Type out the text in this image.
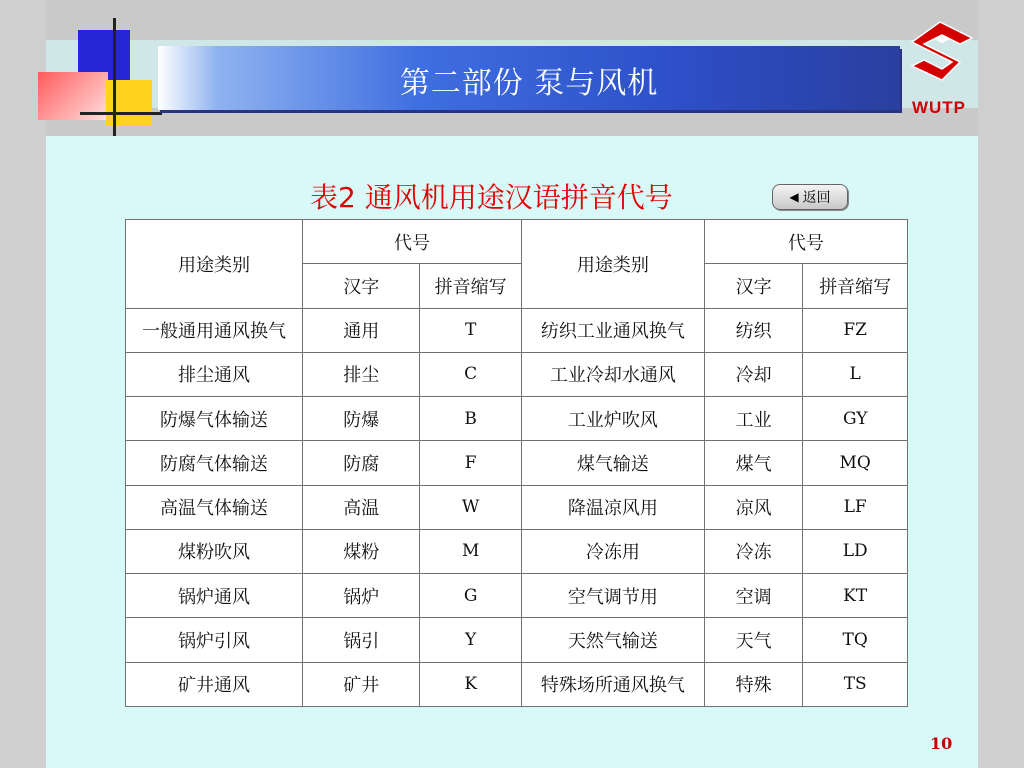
第二部份 泵与风机
WUTP
表2 通风机用途汉语拼音代号	◀ 返回
用途类别	代号		用途类别	代号	
	汉字	拼音缩写		汉字	拼音缩写
一般通用通风换气	通用	T	纺织工业通风换气	纺织	FZ
排尘通风	排尘	C	工业冷却水通风	冷却	L
防爆气体输送	防爆	B	工业炉吹风	工业	GY
防腐气体输送	防腐	F	煤气输送	煤气	MQ
高温气体输送	高温	W	降温凉风用	凉风	LF
煤粉吹风	煤粉	M	冷冻用	冷冻	LD
锅炉通风	锅炉	G	空气调节用	空调	KT
锅炉引风	锅引	Y	天然气输送	天气	TQ
矿井通风	矿井	K	特殊场所通风换气	特殊	TS
10
